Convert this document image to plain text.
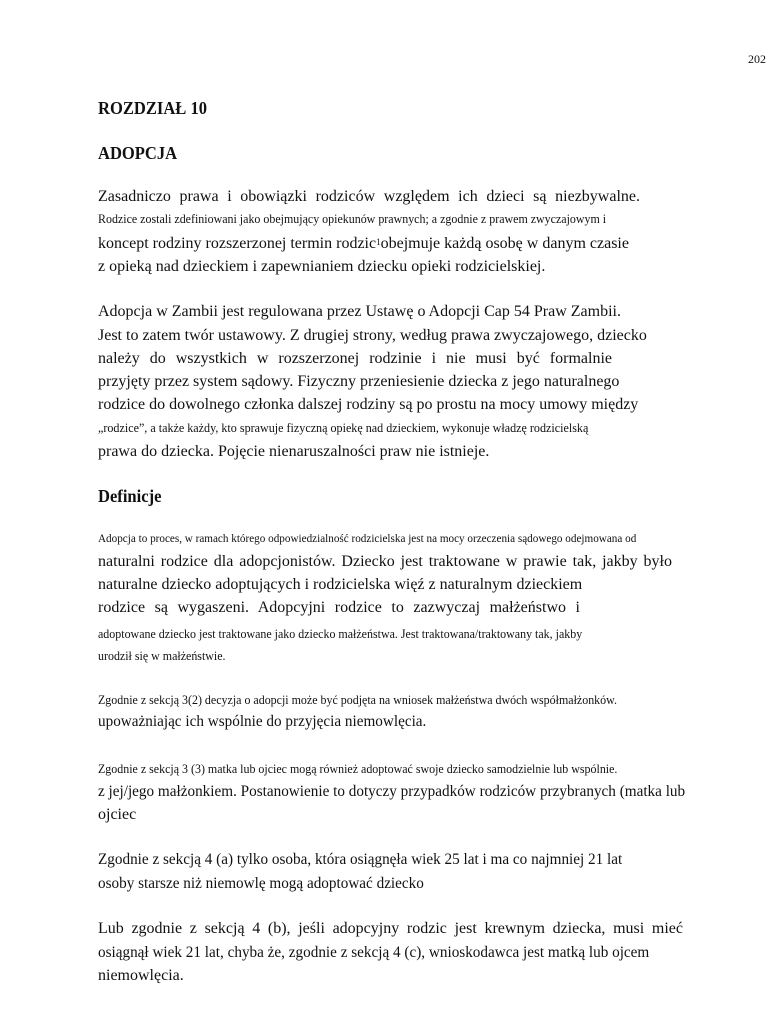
202
ROZDZIAŁ 10
ADOPCJA
Zasadniczo prawa i obowiązki rodziców względem ich dzieci są niezbywalne.
Rodzice zostali zdefiniowani jako obejmujący opiekunów prawnych; a zgodnie z prawem zwyczajowym i
koncept rodziny rozszerzonej termin rodzic$^1$obejmuje każdą osobę w danym czasie
z opieką nad dzieckiem i zapewnianiem dziecku opieki rodzicielskiej.
Adopcja w Zambii jest regulowana przez Ustawę o Adopcji Cap 54 Praw Zambii.
Jest to zatem twór ustawowy. Z drugiej strony, według prawa zwyczajowego, dziecko
należy do wszystkich w rozszerzonej rodzinie i nie musi być formalnie
przyjęty przez system sądowy. Fizyczny przeniesienie dziecka z jego naturalnego
rodzice do dowolnego członka dalszej rodziny są po prostu na mocy umowy między
„rodzice”, a także każdy, kto sprawuje fizyczną opiekę nad dzieckiem, wykonuje władzę rodzicielską
prawa do dziecka. Pojęcie nienaruszalności praw nie istnieje.
Definicje
Adopcja to proces, w ramach którego odpowiedzialność rodzicielska jest na mocy orzeczenia sądowego odejmowana od
naturalni rodzice dla adopcjonistów. Dziecko jest traktowane w prawie tak, jakby było
naturalne dziecko adoptujących i rodzicielska więź z naturalnym dzieckiem
rodzice są wygaszeni. Adopcyjni rodzice to zazwyczaj małżeństwo i
adoptowane dziecko jest traktowane jako dziecko małżeństwa. Jest traktowana/traktowany tak, jakby
urodził się w małżeństwie.
Zgodnie z sekcją 3(2) decyzja o adopcji może być podjęta na wniosek małżeństwa dwóch współmałżonków.
upoważniając ich wspólnie do przyjęcia niemowlęcia.
Zgodnie z sekcją 3 (3) matka lub ojciec mogą również adoptować swoje dziecko samodzielnie lub wspólnie.
z jej/jego małżonkiem. Postanowienie to dotyczy przypadków rodziców przybranych (matka lub
ojciec
Zgodnie z sekcją 4 (a) tylko osoba, która osiągnęła wiek 25 lat i ma co najmniej 21 lat
osoby starsze niż niemowlę mogą adoptować dziecko
Lub zgodnie z sekcją 4 (b), jeśli adopcyjny rodzic jest krewnym dziecka, musi mieć
osiągnął wiek 21 lat, chyba że, zgodnie z sekcją 4 (c), wnioskodawca jest matką lub ojcem
niemowlęcia.
